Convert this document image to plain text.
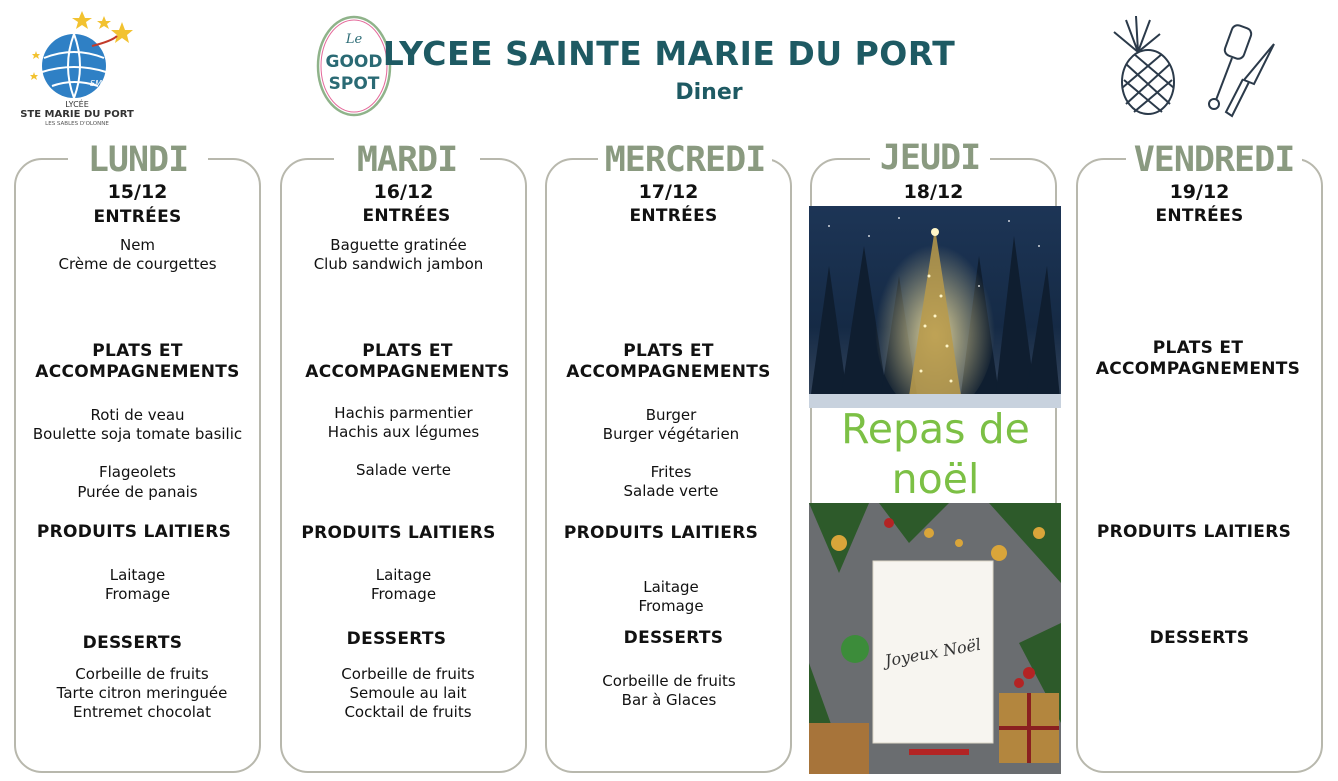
SMP
LYCÉE
STE MARIE DU PORT
LES SABLES D'OLONNE
Le
GOOD
SPOT
LYCEE SAINTE MARIE DU PORT
Diner
LUNDI
15/12
ENTRÉES
Nem
Crème de courgettes
PLATS ET
ACCOMPAGNEMENTS
Roti de veau
Boulette soja tomate basilic
Flageolets
Purée de panais
PRODUITS LAITIERS
Laitage
Fromage
DESSERTS
Corbeille de fruits
Tarte citron meringuée
Entremet chocolat
MARDI
16/12
ENTRÉES
Baguette gratinée
Club sandwich jambon
PLATS ET
ACCOMPAGNEMENTS
Hachis parmentier
Hachis aux légumes
Salade verte
PRODUITS LAITIERS
Laitage
Fromage
DESSERTS
Corbeille de fruits
Semoule au lait
Cocktail de fruits
MERCREDI
17/12
ENTRÉES
PLATS ET
ACCOMPAGNEMENTS
Burger
Burger végétarien
Frites
Salade verte
PRODUITS LAITIERS
Laitage
Fromage
DESSERTS
Corbeille de fruits
Bar à Glaces
JEUDI
18/12
Repas de
noël
Joyeux Noël
VENDREDI
19/12
ENTRÉES
PLATS ET
ACCOMPAGNEMENTS
PRODUITS LAITIERS
DESSERTS
